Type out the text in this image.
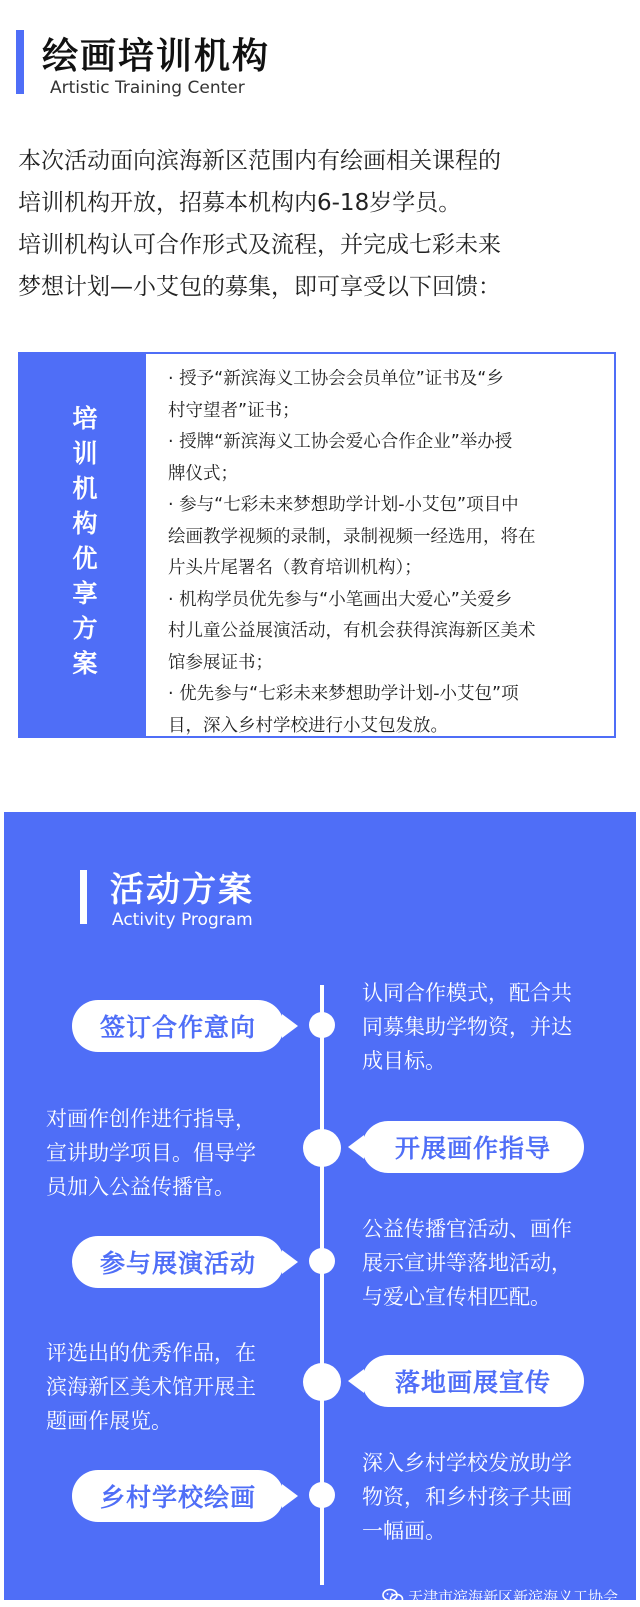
绘画培训机构
Artistic Training Center

本次活动面向滨海新区范围内有绘画相关课程的

培训机构开放，招募本机构内6-18岁学员。

培训机构认可合作形式及流程，并完成七彩未来

梦想计划—小艾包的募集，即可享受以下回馈：

培训机构优享方案
· 授予“新滨海义工协会会员单位”证书及“乡
村守望者”证书；
· 授牌“新滨海义工协会爱心合作企业”举办授
牌仪式；
· 参与“七彩未来梦想助学计划-小艾包”项目中
绘画教学视频的录制，录制视频一经选用，将在
片头片尾署名（教育培训机构）；
· 机构学员优先参与“小笔画出大爱心”关爱乡
村儿童公益展演活动，有机会获得滨海新区美术
馆参展证书；
· 优先参与“七彩未来梦想助学计划-小艾包”项
目，深入乡村学校进行小艾包发放。
活动方案
Activity Program
签订合作意向
认同合作模式，配合共
同募集助学物资，并达
成目标。
对画作创作进行指导，
宣讲助学项目。倡导学
员加入公益传播官。
开展画作指导
参与展演活动
公益传播官活动、画作
展示宣讲等落地活动，
与爱心宣传相匹配。
评选出的优秀作品，在
滨海新区美术馆开展主
题画作展览。
落地画展宣传
乡村学校绘画
深入乡村学校发放助学
物资，和乡村孩子共画
一幅画。
天津市滨海新区新滨海义工协会
